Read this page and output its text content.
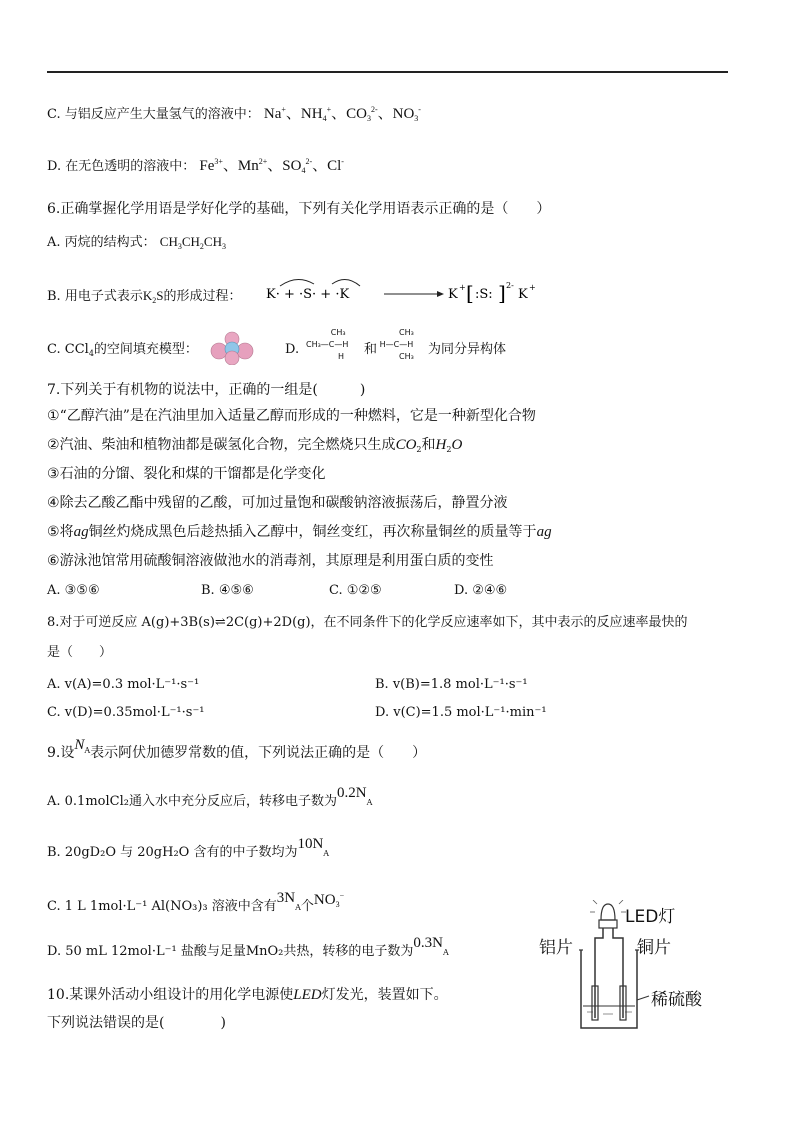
C. 与铝反应产生大量氢气的溶液中： Na+、$NH_4^+$、$CO_3^{2-}$、$NO_3^-$
D. 在无色透明的溶液中： $Fe^{3+}$、$Mn^{2+}$、$SO_4^{2-}$、Cl-
6.正确掌握化学用语是学好化学的基础，下列有关化学用语表示正确的是（　　）
A. 丙烷的结构式： $CH_3CH_2CH_3$
B. 用电子式表示$K_2S$的形成过程： K· + ·S· + ·K	K + [ :S: ] 2-
K +
C. CCl$_4$的空间填充模型：	D.
CH₃
CH₃—C—H
H	和
CH₃
H—C—H
CH₃ 为同分异构体
7.下列关于有机物的说法中，正确的一组是(　　　)
①“乙醇汽油”是在汽油里加入适量乙醇而形成的一种燃料，它是一种新型化合物
②汽油、柴油和植物油都是碳氢化合物，完全燃烧只生成$CO_2$和$H_2O$
③石油的分馏、裂化和煤的干馏都是化学变化
④除去乙酸乙酯中残留的乙酸，可加过量饱和碳酸钠溶液振荡后，静置分液
⑤将ag铜丝灼烧成黑色后趁热插入乙醇中，铜丝变红，再次称量铜丝的质量等于ag
⑥游泳池馆常用硫酸铜溶液做池水的消毒剂，其原理是利用蛋白质的变性
A. ③⑤⑥	B. ④⑤⑥	C. ①②⑤	D. ②④⑥
8.对于可逆反应 A(g)+3B(s)⇌2C(g)+2D(g)，在不同条件下的化学反应速率如下，其中表示的反应速率最快的
是（　　）
A. v(A)=0.3 mol·L⁻¹·s⁻¹	B. v(B)=1.8 mol·L⁻¹·s⁻¹
C. v(D)=0.35mol·L⁻¹·s⁻¹	D. v(C)=1.5 mol·L⁻¹·min⁻¹
9.设$N_A$表示阿伏加德罗常数的值，下列说法正确的是（　　）
A. 0.1molCl₂通入水中充分反应后，转移电子数为0.2NA
B. 20gD₂O 与 20gH₂O 含有的中子数均为10NA
C. 1 L 1mol·L⁻¹ Al(NO₃)₃ 溶液中含有3NA个$NO_3^-$
D. 50 mL 12mol·L⁻¹ 盐酸与足量MnO₂共热，转移的电子数为0.3NA
10.某课外活动小组设计的用化学电源使LED灯发光，装置如下。
下列说法错误的是(　　　　)
LED灯
铝片	铜片
稀硫酸
